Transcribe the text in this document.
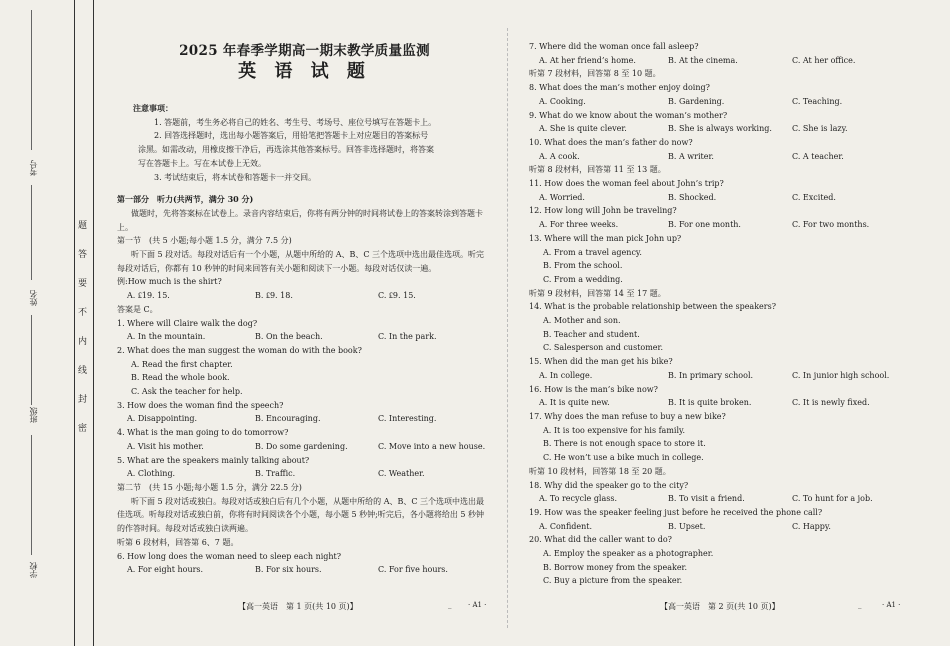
考号
姓名
班级
学校
题
答
要
不
内
线
封
密
2025 年春季学期高一期末教学质量监测
英 语 试 题
注意事项：
1. 答题前，考生务必将自己的姓名、考生号、考场号、座位号填写在答题卡上。
2. 回答选择题时，选出每小题答案后，用铅笔把答题卡上对应题目的答案标号
涂黑。如需改动，用橡皮擦干净后，再选涂其他答案标号。回答非选择题时，将答案
写在答题卡上。写在本试卷上无效。
3. 考试结束后，将本试卷和答题卡一并交回。
第一部分　听力(共两节，满分 30 分)
做题时，先将答案标在试卷上。录音内容结束后，你将有两分钟的时间将试卷上的答案转涂到答题卡上。
第一节　(共 5 小题;每小题 1.5 分，满分 7.5 分)
听下面 5 段对话。每段对话后有一个小题，从题中所给的 A、B、C 三个选项中选出最佳选项。听完每段对话后，你都有 10 秒钟的时间来回答有关小题和阅读下一小题。每段对话仅读一遍。
例:How much is the shirt?
A. ₤19. 15.	B. ₤9. 18.	C. ₤9. 15.
答案是 C。
1. Where will Claire walk the dog?
A. In the mountain.	B. On the beach.	C. In the park.
2. What does the man suggest the woman do with the book?
A. Read the first chapter.
B. Read the whole book.
C. Ask the teacher for help.
3. How does the woman find the speech?
A. Disappointing.	B. Encouraging.	C. Interesting.
4. What is the man going to do tomorrow?
A. Visit his mother.	B. Do some gardening.	C. Move into a new house.
5. What are the speakers mainly talking about?
A. Clothing.	B. Traffic.	C. Weather.
第二节　(共 15 小题;每小题 1.5 分，满分 22.5 分)
听下面 5 段对话或独白。每段对话或独白后有几个小题，从题中所给的 A、B、C 三个选项中选出最佳选项。听每段对话或独白前，你将有时间阅读各个小题，每小题 5 秒钟;听完后，各小题将给出 5 秒钟的作答时间。每段对话或独白读两遍。
听第 6 段材料，回答第 6、7 题。
6. How long does the woman need to sleep each night?
A. For eight hours.	B. For six hours.	C. For five hours.
7. Where did the woman once fall asleep?
A. At her friend’s home.	B. At the cinema.	C. At her office.
听第 7 段材料，回答第 8 至 10 题。
8. What does the man’s mother enjoy doing?
A. Cooking.	B. Gardening.	C. Teaching.
9. What do we know about the woman’s mother?
A. She is quite clever.	B. She is always working.	C. She is lazy.
10. What does the man’s father do now?
A. A cook.	B. A writer.	C. A teacher.
听第 8 段材料，回答第 11 至 13 题。
11. How does the woman feel about John’s trip?
A. Worried.	B. Shocked.	C. Excited.
12. How long will John be traveling?
A. For three weeks.	B. For one month.	C. For two months.
13. Where will the man pick John up?
A. From a travel agency.
B. From the school.
C. From a wedding.
听第 9 段材料，回答第 14 至 17 题。
14. What is the probable relationship between the speakers?
A. Mother and son.
B. Teacher and student.
C. Salesperson and customer.
15. When did the man get his bike?
A. In college.	B. In primary school.	C. In junior high school.
16. How is the man’s bike now?
A. It is quite new.	B. It is quite broken.	C. It is newly fixed.
17. Why does the man refuse to buy a new bike?
A. It is too expensive for his family.
B. There is not enough space to store it.
C. He won’t use a bike much in college.
听第 10 段材料，回答第 18 至 20 题。
18. Why did the speaker go to the city?
A. To recycle glass.	B. To visit a friend.	C. To hunt for a job.
19. How was the speaker feeling just before he received the phone call?
A. Confident.	B. Upset.	C. Happy.
20. What did the caller want to do?
A. Employ the speaker as a photographer.
B. Borrow money from the speaker.
C. Buy a picture from the speaker.
【高一英语　第 1 页(共 10 页)】	_ · A1 ·	【高一英语　第 2 页(共 10 页)】	_	· A1 ·
